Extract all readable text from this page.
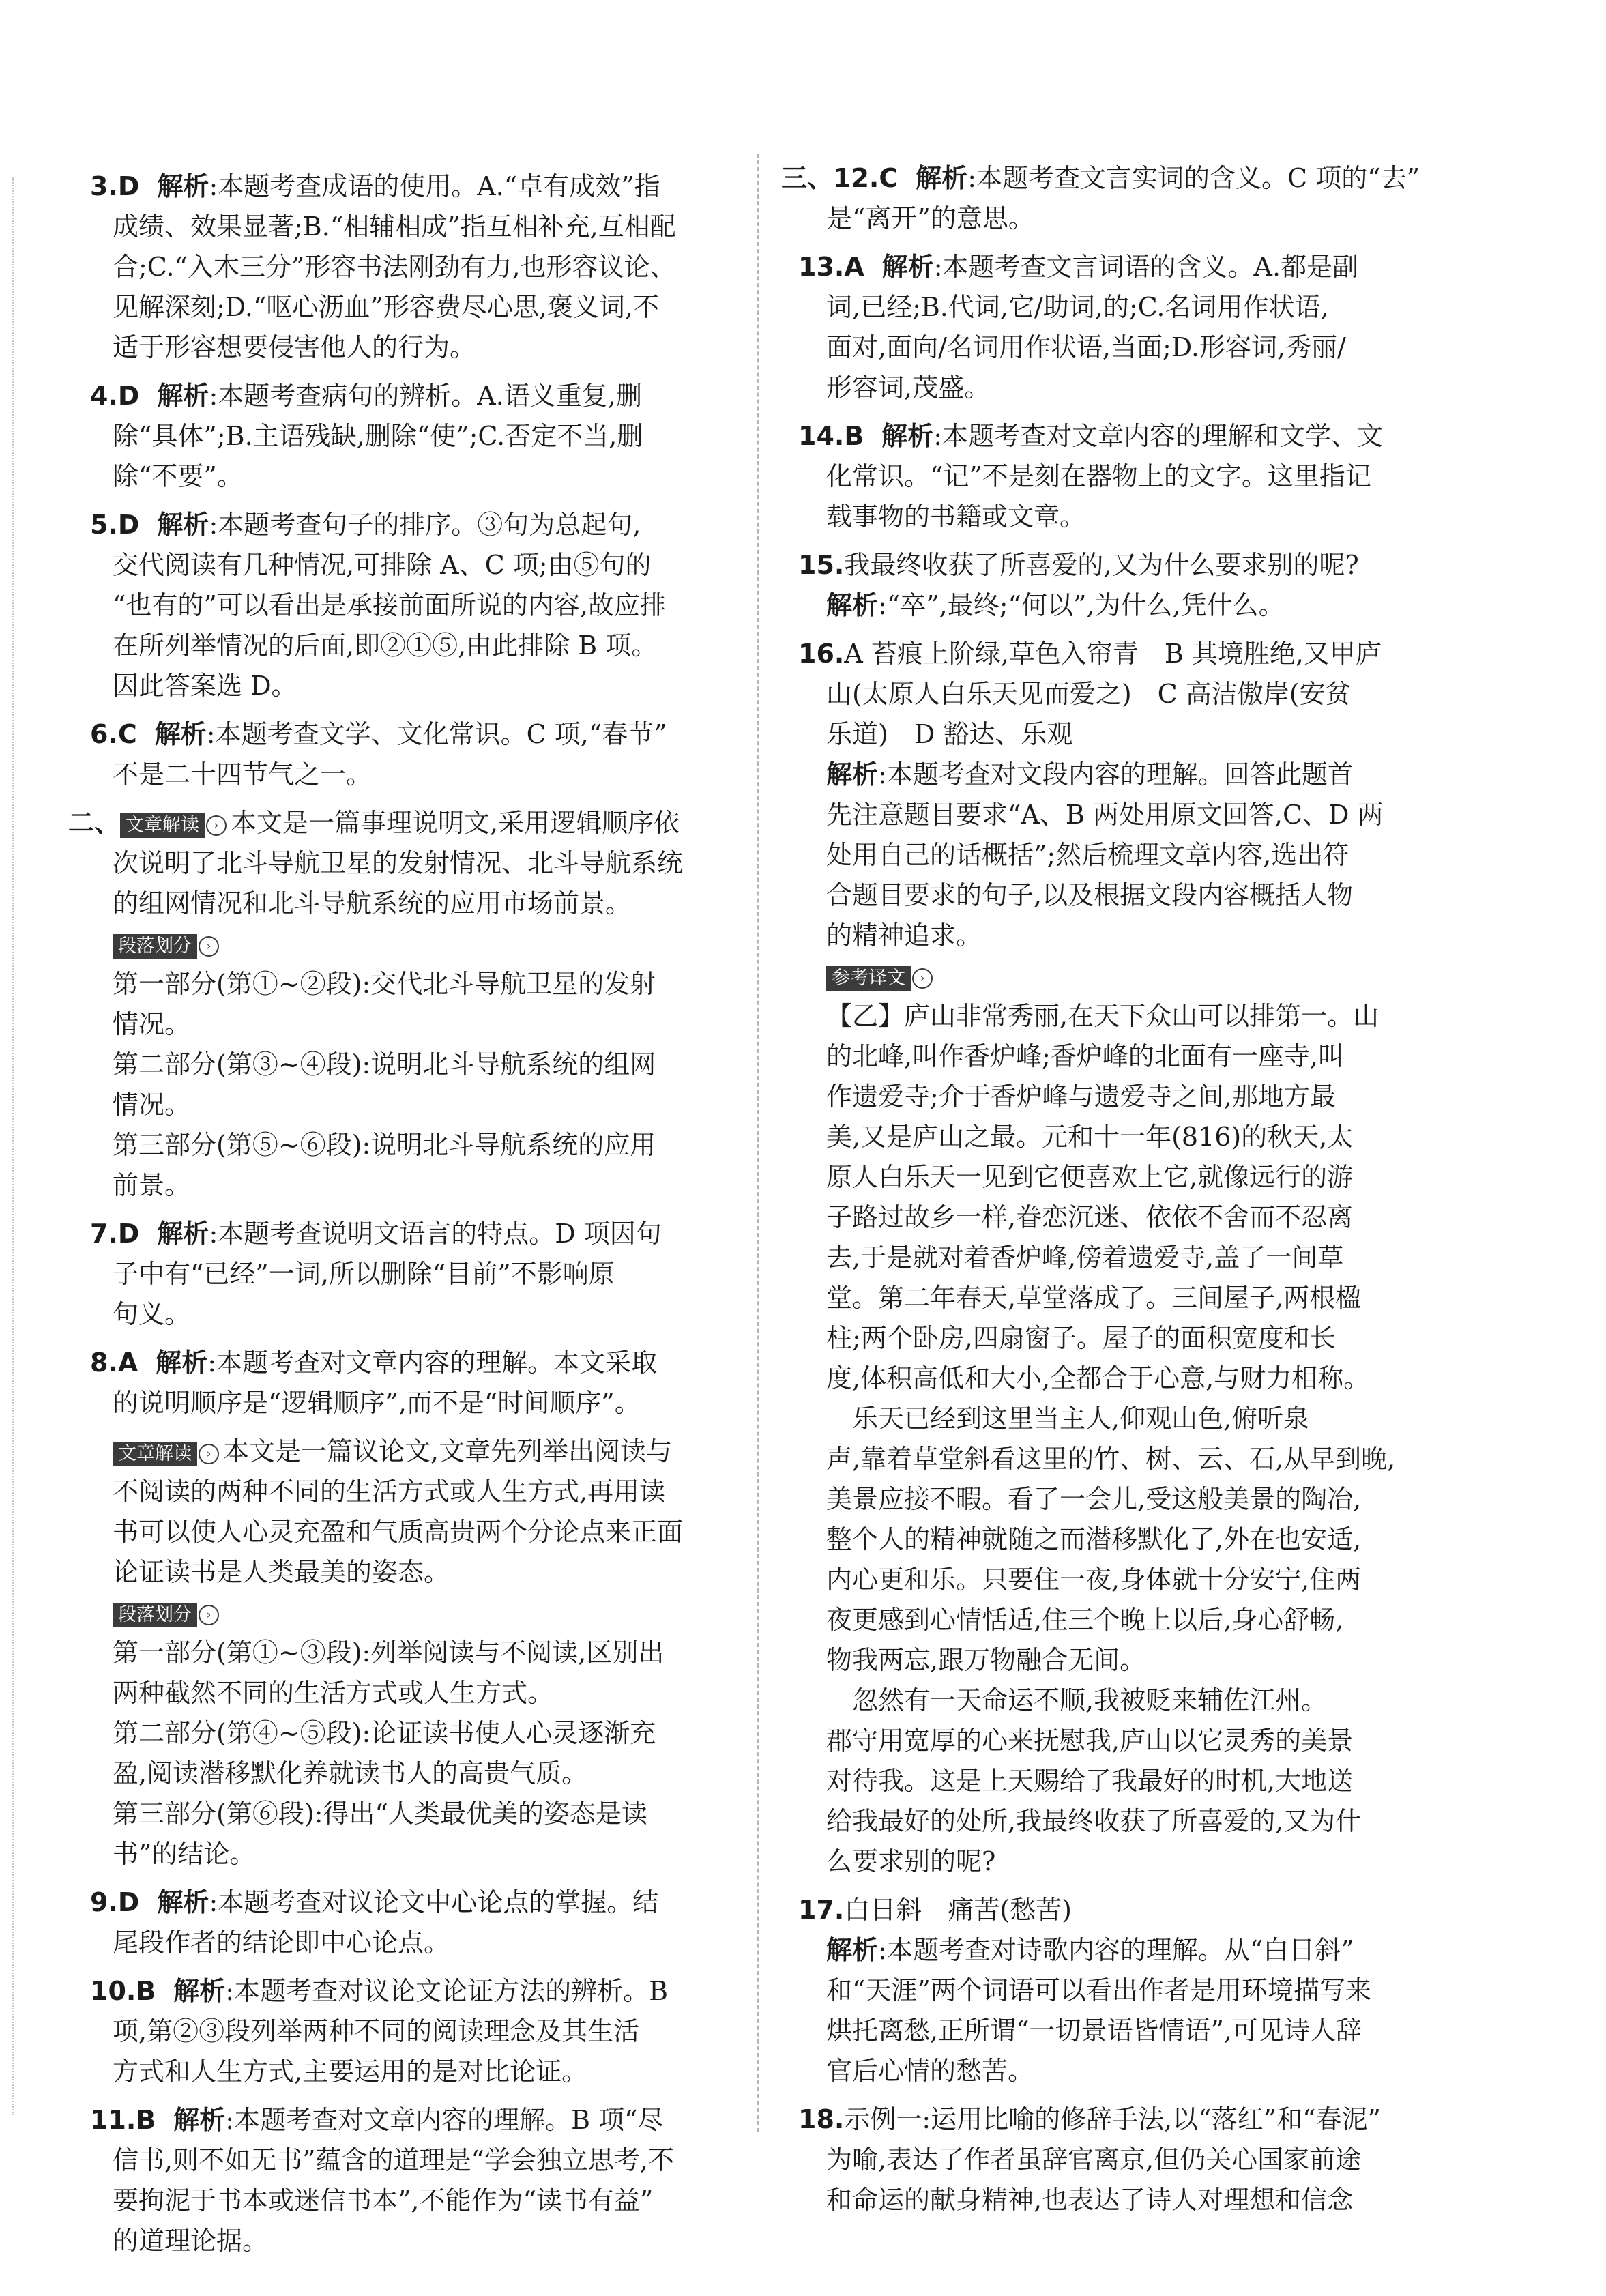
3.D 解析:本题考查成语的使用。A.“卓有成效”指

成绩、效果显著;B.“相辅相成”指互相补充,互相配

合;C.“入木三分”形容书法刚劲有力,也形容议论、

见解深刻;D.“呕心沥血”形容费尽心思,褒义词,不

适于形容想要侵害他人的行为。

4.D 解析:本题考查病句的辨析。A.语义重复,删

除“具体”;B.主语残缺,删除“使”;C.否定不当,删

除“不要”。

5.D 解析:本题考查句子的排序。③句为总起句,

交代阅读有几种情况,可排除 A、C 项;由⑤句的

“也有的”可以看出是承接前面所说的内容,故应排

在所列举情况的后面,即②①⑤,由此排除 B 项。

因此答案选 D。

6.C 解析:本题考查文学、文化常识。C 项,“春节”

不是二十四节气之一。

二、 文章解读 › 本文是一篇事理说明文,采用逻辑顺序依

次说明了北斗导航卫星的发射情况、北斗导航系统

的组网情况和北斗导航系统的应用市场前景。

段落划分 ›

第一部分(第①~②段):交代北斗导航卫星的发射

情况。

第二部分(第③~④段):说明北斗导航系统的组网

情况。

第三部分(第⑤~⑥段):说明北斗导航系统的应用

前景。

7.D 解析:本题考查说明文语言的特点。D 项因句

子中有“已经”一词,所以删除“目前”不影响原

句义。

8.A 解析:本题考查对文章内容的理解。本文采取

的说明顺序是“逻辑顺序”,而不是“时间顺序”。

文章解读 › 本文是一篇议论文,文章先列举出阅读与

不阅读的两种不同的生活方式或人生方式,再用读

书可以使人心灵充盈和气质高贵两个分论点来正面

论证读书是人类最美的姿态。

段落划分 ›

第一部分(第①~③段):列举阅读与不阅读,区别出

两种截然不同的生活方式或人生方式。

第二部分(第④~⑤段):论证读书使人心灵逐渐充

盈,阅读潜移默化养就读书人的高贵气质。

第三部分(第⑥段):得出“人类最优美的姿态是读

书”的结论。

9.D 解析:本题考查对议论文中心论点的掌握。结

尾段作者的结论即中心论点。

10.B 解析:本题考查对议论文论证方法的辨析。B

项,第②③段列举两种不同的阅读理念及其生活

方式和人生方式,主要运用的是对比论证。

11.B 解析:本题考查对文章内容的理解。B 项“尽

信书,则不如无书”蕴含的道理是“学会独立思考,不

要拘泥于书本或迷信书本”,不能作为“读书有益”

的道理论据。

三、12.C 解析:本题考查文言实词的含义。C 项的“去”

是“离开”的意思。

13.A 解析:本题考查文言词语的含义。A.都是副

词,已经;B.代词,它/助词,的;C.名词用作状语,

面对,面向/名词用作状语,当面;D.形容词,秀丽/

形容词,茂盛。

14.B 解析:本题考查对文章内容的理解和文学、文

化常识。“记”不是刻在器物上的文字。这里指记

载事物的书籍或文章。

15.我最终收获了所喜爱的,又为什么要求别的呢?

解析:“卒”,最终;“何以”,为什么,凭什么。

16.A 苔痕上阶绿,草色入帘青　B 其境胜绝,又甲庐

山(太原人白乐天见而爱之)　C 高洁傲岸(安贫

乐道)　D 豁达、乐观

解析:本题考查对文段内容的理解。回答此题首

先注意题目要求“A、B 两处用原文回答,C、D 两

处用自己的话概括”;然后梳理文章内容,选出符

合题目要求的句子,以及根据文段内容概括人物

的精神追求。

参考译文 ›

【乙】庐山非常秀丽,在天下众山可以排第一。山

的北峰,叫作香炉峰;香炉峰的北面有一座寺,叫

作遗爱寺;介于香炉峰与遗爱寺之间,那地方最

美,又是庐山之最。元和十一年(816)的秋天,太

原人白乐天一见到它便喜欢上它,就像远行的游

子路过故乡一样,眷恋沉迷、依依不舍而不忍离

去,于是就对着香炉峰,傍着遗爱寺,盖了一间草

堂。第二年春天,草堂落成了。三间屋子,两根楹

柱;两个卧房,四扇窗子。屋子的面积宽度和长

度,体积高低和大小,全都合于心意,与财力相称。

乐天已经到这里当主人,仰观山色,俯听泉

声,靠着草堂斜看这里的竹、树、云、石,从早到晚,

美景应接不暇。看了一会儿,受这般美景的陶冶,

整个人的精神就随之而潜移默化了,外在也安适,

内心更和乐。只要住一夜,身体就十分安宁,住两

夜更感到心情恬适,住三个晚上以后,身心舒畅,

物我两忘,跟万物融合无间。

忽然有一天命运不顺,我被贬来辅佐江州。

郡守用宽厚的心来抚慰我,庐山以它灵秀的美景

对待我。这是上天赐给了我最好的时机,大地送

给我最好的处所,我最终收获了所喜爱的,又为什

么要求别的呢?

17.白日斜　痛苦(愁苦)

解析:本题考查对诗歌内容的理解。从“白日斜”

和“天涯”两个词语可以看出作者是用环境描写来

烘托离愁,正所谓“一切景语皆情语”,可见诗人辞

官后心情的愁苦。

18.示例一:运用比喻的修辞手法,以“落红”和“春泥”

为喻,表达了作者虽辞官离京,但仍关心国家前途

和命运的献身精神,也表达了诗人对理想和信念
